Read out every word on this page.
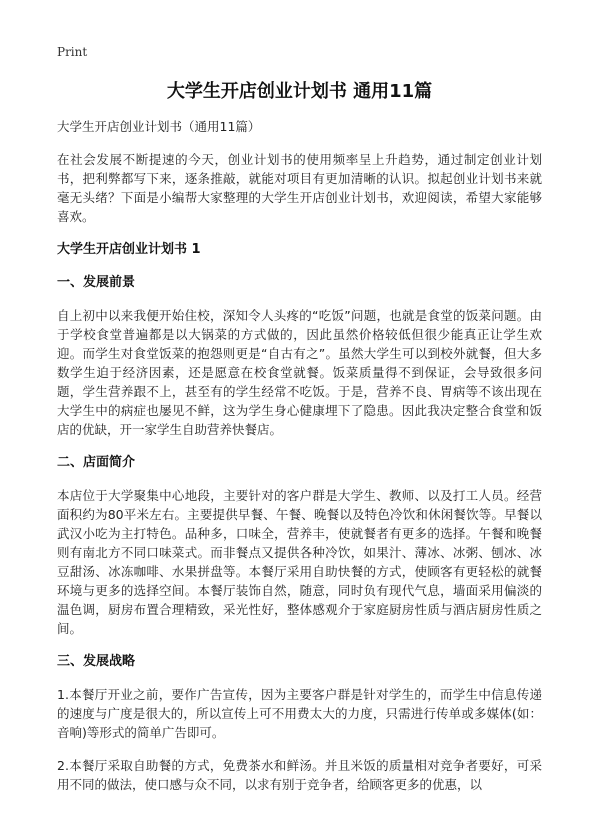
Print
大学生开店创业计划书 通用11篇
大学生开店创业计划书（通用11篇）

在社会发展不断提速的今天，创业计划书的使用频率呈上升趋势，通过制定创业计划书，把利弊都写下来，逐条推敲，就能对项目有更加清晰的认识。拟起创业计划书来就毫无头绪？下面是小编帮大家整理的大学生开店创业计划书，欢迎阅读，希望大家能够喜欢。

大学生开店创业计划书 1
一、发展前景

自上初中以来我便开始住校，深知令人头疼的“吃饭”问题，也就是食堂的饭菜问题。由于学校食堂普遍都是以大锅菜的方式做的，因此虽然价格较低但很少能真正让学生欢迎。而学生对食堂饭菜的抱怨则更是“自古有之”。虽然大学生可以到校外就餐，但大多数学生迫于经济因素，还是愿意在校食堂就餐。饭菜质量得不到保证，会导致很多问题，学生营养跟不上，甚至有的学生经常不吃饭。于是，营养不良、胃病等不该出现在大学生中的病症也屡见不鲜，这为学生身心健康埋下了隐患。因此我决定整合食堂和饭店的优缺，开一家学生自助营养快餐店。

二、店面简介

本店位于大学聚集中心地段，主要针对的客户群是大学生、教师、以及打工人员。经营面积约为80平米左右。主要提供早餐、午餐、晚餐以及特色冷饮和休闲餐饮等。早餐以武汉小吃为主打特色。品种多，口味全，营养丰，使就餐者有更多的选择。午餐和晚餐则有南北方不同口味菜式。而非餐点又提供各种冷饮，如果汁、薄冰、冰粥、刨冰、冰豆甜汤、冰冻咖啡、水果拼盘等。本餐厅采用自助快餐的方式，使顾客有更轻松的就餐环境与更多的选择空间。本餐厅装饰自然，随意，同时负有现代气息，墙面采用偏淡的温色调，厨房布置合理精致，采光性好，整体感观介于家庭厨房性质与酒店厨房性质之间。

三、发展战略

1.本餐厅开业之前，要作广告宣传，因为主要客户群是针对学生的，而学生中信息传递的速度与广度是很大的，所以宣传上可不用费太大的力度，只需进行传单或多媒体(如：音响)等形式的简单广告即可。

2.本餐厅采取自助餐的方式，免费茶水和鲜汤。并且米饭的质量相对竞争者要好，可采用不同的做法，使口感与众不同，以求有别于竞争者，给顾客更多的优惠，以
